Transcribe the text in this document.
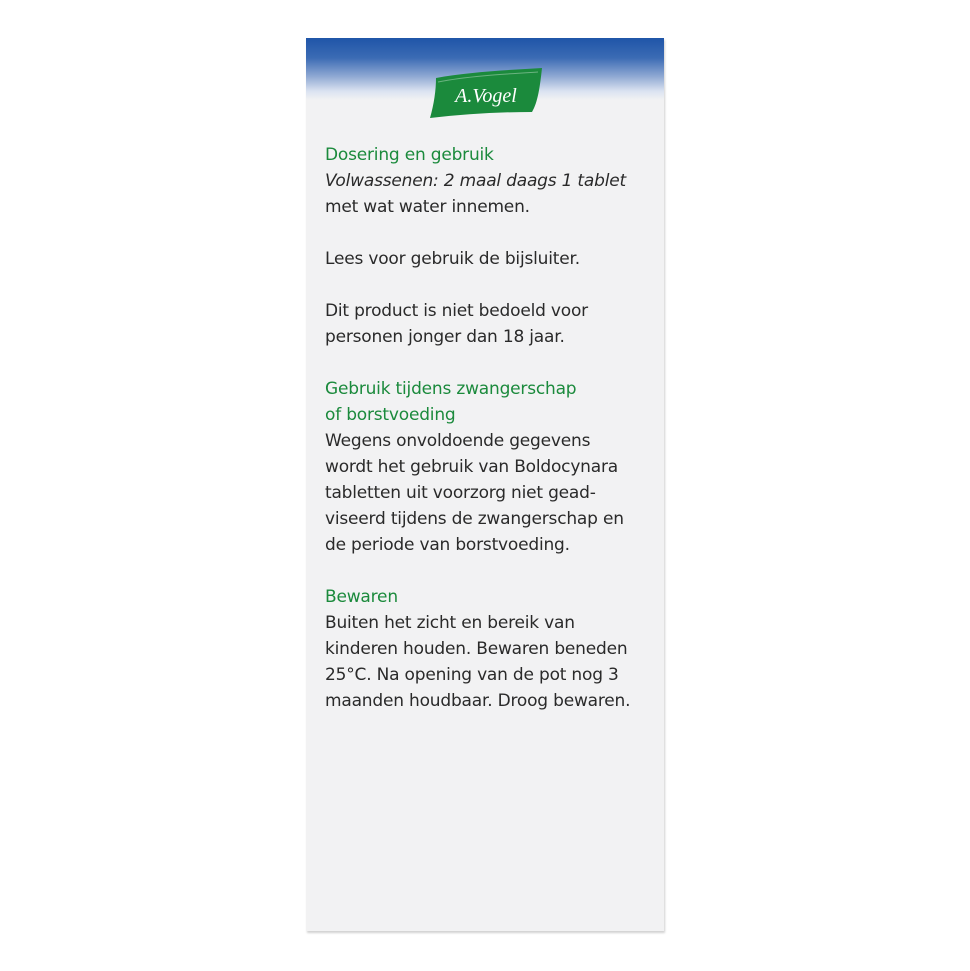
A.Vogel
Dosering en gebruik
Volwassenen: 2 maal daags 1 tablet
met wat water innemen.
Lees voor gebruik de bijsluiter.
Dit product is niet bedoeld voor
personen jonger dan 18 jaar.
Gebruik tijdens zwangerschap
of borstvoeding
Wegens onvoldoende gegevens
wordt het gebruik van Boldocynara
tabletten uit voorzorg niet gead-
viseerd tijdens de zwangerschap en
de periode van borstvoeding.
Bewaren
Buiten het zicht en bereik van
kinderen houden. Bewaren beneden
25°C. Na opening van de pot nog 3
maanden houdbaar. Droog bewaren.
